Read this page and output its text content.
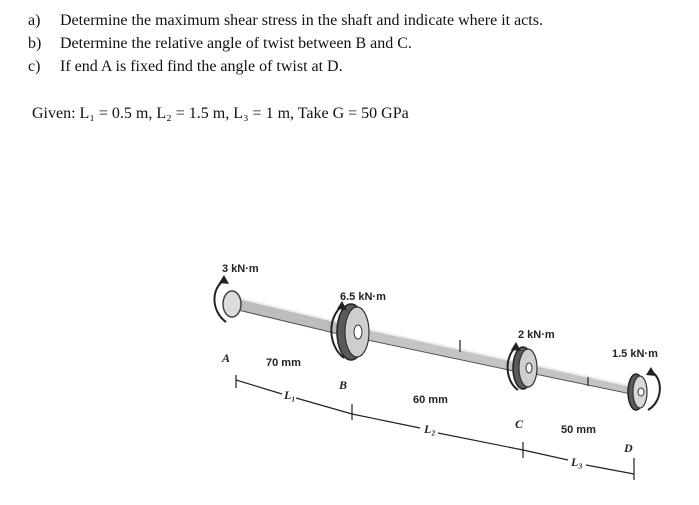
a) Determine the maximum shear stress in the shaft and indicate where it acts.
b) Determine the relative angle of twist between B and C.
c) If end A is fixed find the angle of twist at D.
Given: L₁ = 0.5 m, L₂ = 1.5 m, L₃ = 1 m, Take G = 50 GPa
3 kN·m
6.5 kN·m
2 kN·m
1.5 kN·m
A
B
C
D
70 mm
60 mm
50 mm
L₁
L₂
L₃
